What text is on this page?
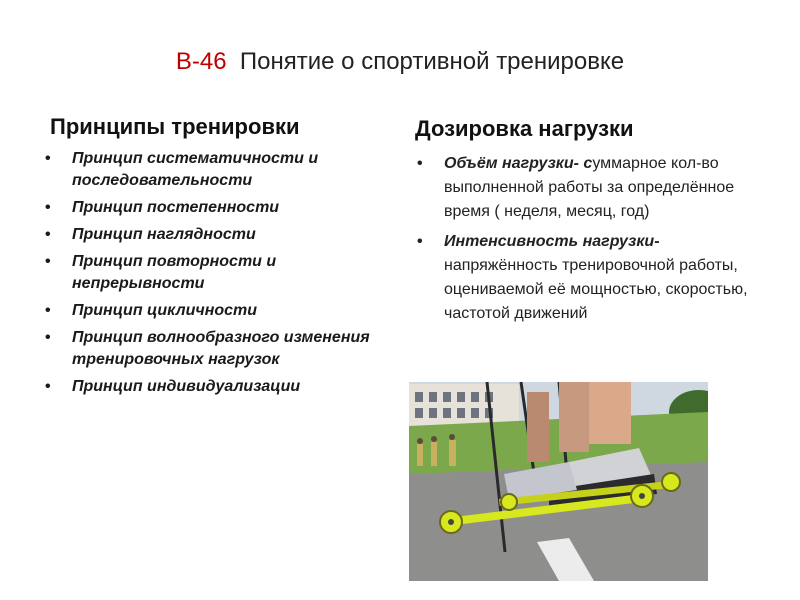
В-46 Понятие о спортивной тренировке
Принципы тренировки	Дозировка нагрузки
• Принцип систематичности и последовательности
• Принцип постепенности
• Принцип наглядности
• Принцип повторности и непрерывности
• Принцип цикличности
• Принцип волнообразного изменения тренировочных нагрузок
• Принцип индивидуализации
• Объём нагрузки- суммарное кол-во выполненной работы за определённое время ( неделя, месяц, год)
• Интенсивность нагрузки- напряжённость тренировочной работы, оцениваемой её мощностью, скоростью, частотой движений
